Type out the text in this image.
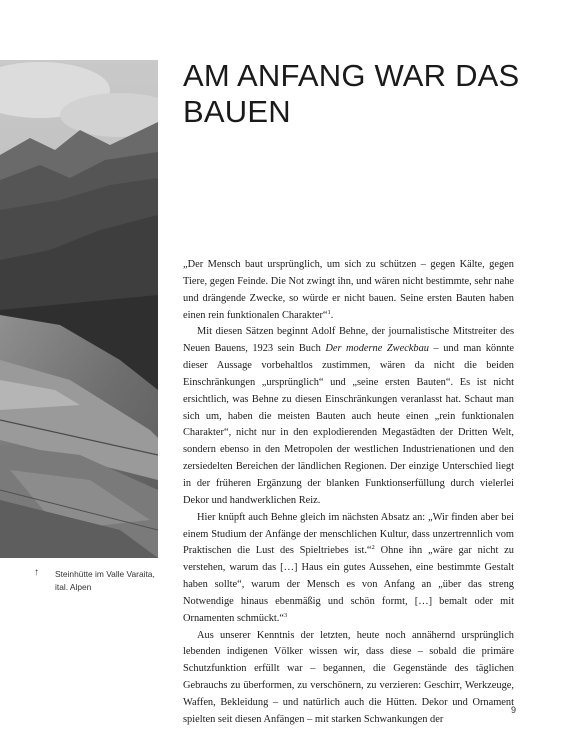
↑ Steinhütte im Valle Varaita, ital. Alpen
AM ANFANG WAR DAS BAUEN

„Der Mensch baut ursprünglich, um sich zu schützen – gegen Kälte, gegen Tiere, gegen Feinde. Die Not zwingt ihn, und wären nicht bestimmte, sehr nahe und drängende Zwecke, so würde er nicht bauen. Seine ersten Bauten haben einen rein funktionalen Charakter“$^1$.

Mit diesen Sätzen beginnt Adolf Behne, der journalistische Mitstreiter des Neuen Bauens, 1923 sein Buch Der moderne Zweckbau – und man könnte dieser Aussage vorbehaltlos zustimmen, wären da nicht die beiden Einschränkungen „ursprünglich“ und „seine ersten Bauten“. Es ist nicht ersichtlich, was Behne zu diesen Einschränkungen veranlasst hat. Schaut man sich um, haben die meisten Bauten auch heute einen „rein funktionalen Charakter“, nicht nur in den explodierenden Megastädten der Dritten Welt, sondern ebenso in den Metropolen der westlichen Industrienationen und den zersiedelten Bereichen der ländlichen Regionen. Der einzige Unterschied liegt in der früheren Ergänzung der blanken Funktionserfüllung durch vielerlei Dekor und handwerklichen Reiz.

Hier knüpft auch Behne gleich im nächsten Absatz an: „Wir finden aber bei einem Studium der Anfänge der menschlichen Kultur, dass unzertrennlich vom Praktischen die Lust des Spieltriebes ist.“$^2$ Ohne ihn „wäre gar nicht zu verstehen, warum das […] Haus ein gutes Aussehen, eine bestimmte Gestalt haben sollte“, warum der Mensch es von Anfang an „über das streng Notwendige hinaus ebenmäßig und schön formt, […] bemalt oder mit Ornamenten schmückt.“$^3$

Aus unserer Kenntnis der letzten, heute noch annähernd ursprünglich lebenden indigenen Völker wissen wir, dass diese – sobald die primäre Schutzfunktion erfüllt war – begannen, die Gegenstände des täglichen Gebrauchs zu überformen, zu verschönern, zu verzieren: Geschirr, Werkzeuge, Waffen, Bekleidung – und natürlich auch die Hütten. Dekor und Ornament spielten seit diesen Anfängen – mit starken Schwankungen der

9
